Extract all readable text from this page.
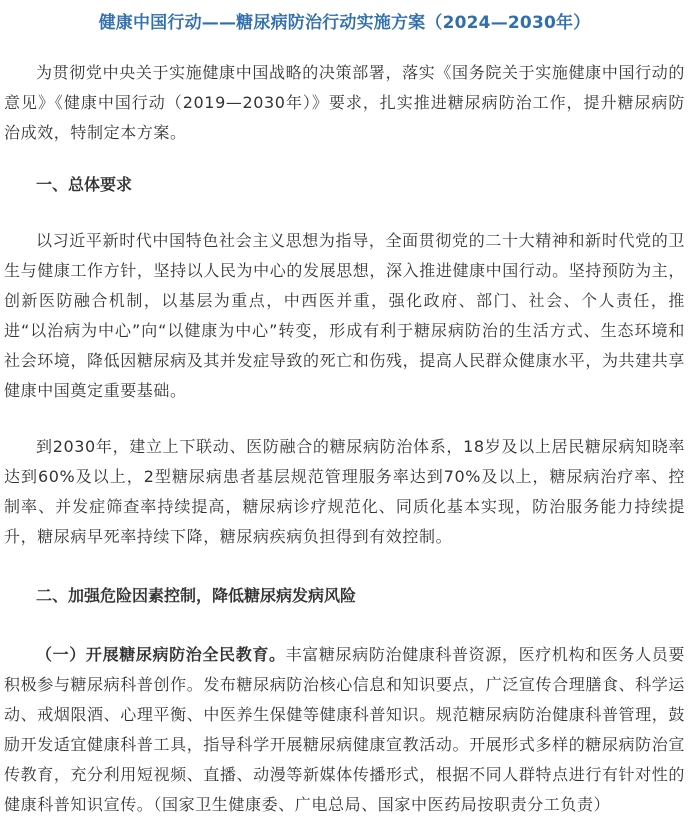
健康中国行动——糖尿病防治行动实施方案（2024—2030年）

为贯彻党中央关于实施健康中国战略的决策部署，落实《国务院关于实施健康中国行动的意见》《健康中国行动（2019—2030年）》要求，扎实推进糖尿病防治工作，提升糖尿病防治成效，特制定本方案。

一、总体要求

以习近平新时代中国特色社会主义思想为指导，全面贯彻党的二十大精神和新时代党的卫生与健康工作方针，坚持以人民为中心的发展思想，深入推进健康中国行动。坚持预防为主，创新医防融合机制，以基层为重点，中西医并重，强化政府、部门、社会、个人责任，推进“以治病为中心”向“以健康为中心”转变，形成有利于糖尿病防治的生活方式、生态环境和社会环境，降低因糖尿病及其并发症导致的死亡和伤残，提高人民群众健康水平，为共建共享健康中国奠定重要基础。

到2030年，建立上下联动、医防融合的糖尿病防治体系，18岁及以上居民糖尿病知晓率达到60%及以上，2型糖尿病患者基层规范管理服务率达到70%及以上，糖尿病治疗率、控制率、并发症筛查率持续提高，糖尿病诊疗规范化、同质化基本实现，防治服务能力持续提升，糖尿病早死率持续下降，糖尿病疾病负担得到有效控制。

二、加强危险因素控制，降低糖尿病发病风险

（一）开展糖尿病防治全民教育。丰富糖尿病防治健康科普资源，医疗机构和医务人员要积极参与糖尿病科普创作。发布糖尿病防治核心信息和知识要点，广泛宣传合理膳食、科学运动、戒烟限酒、心理平衡、中医养生保健等健康科普知识。规范糖尿病防治健康科普管理，鼓励开发适宜健康科普工具，指导科学开展糖尿病健康宣教活动。开展形式多样的糖尿病防治宣传教育，充分利用短视频、直播、动漫等新媒体传播形式，根据不同人群特点进行有针对性的健康科普知识宣传。（国家卫生健康委、广电总局、国家中医药局按职责分工负责）
